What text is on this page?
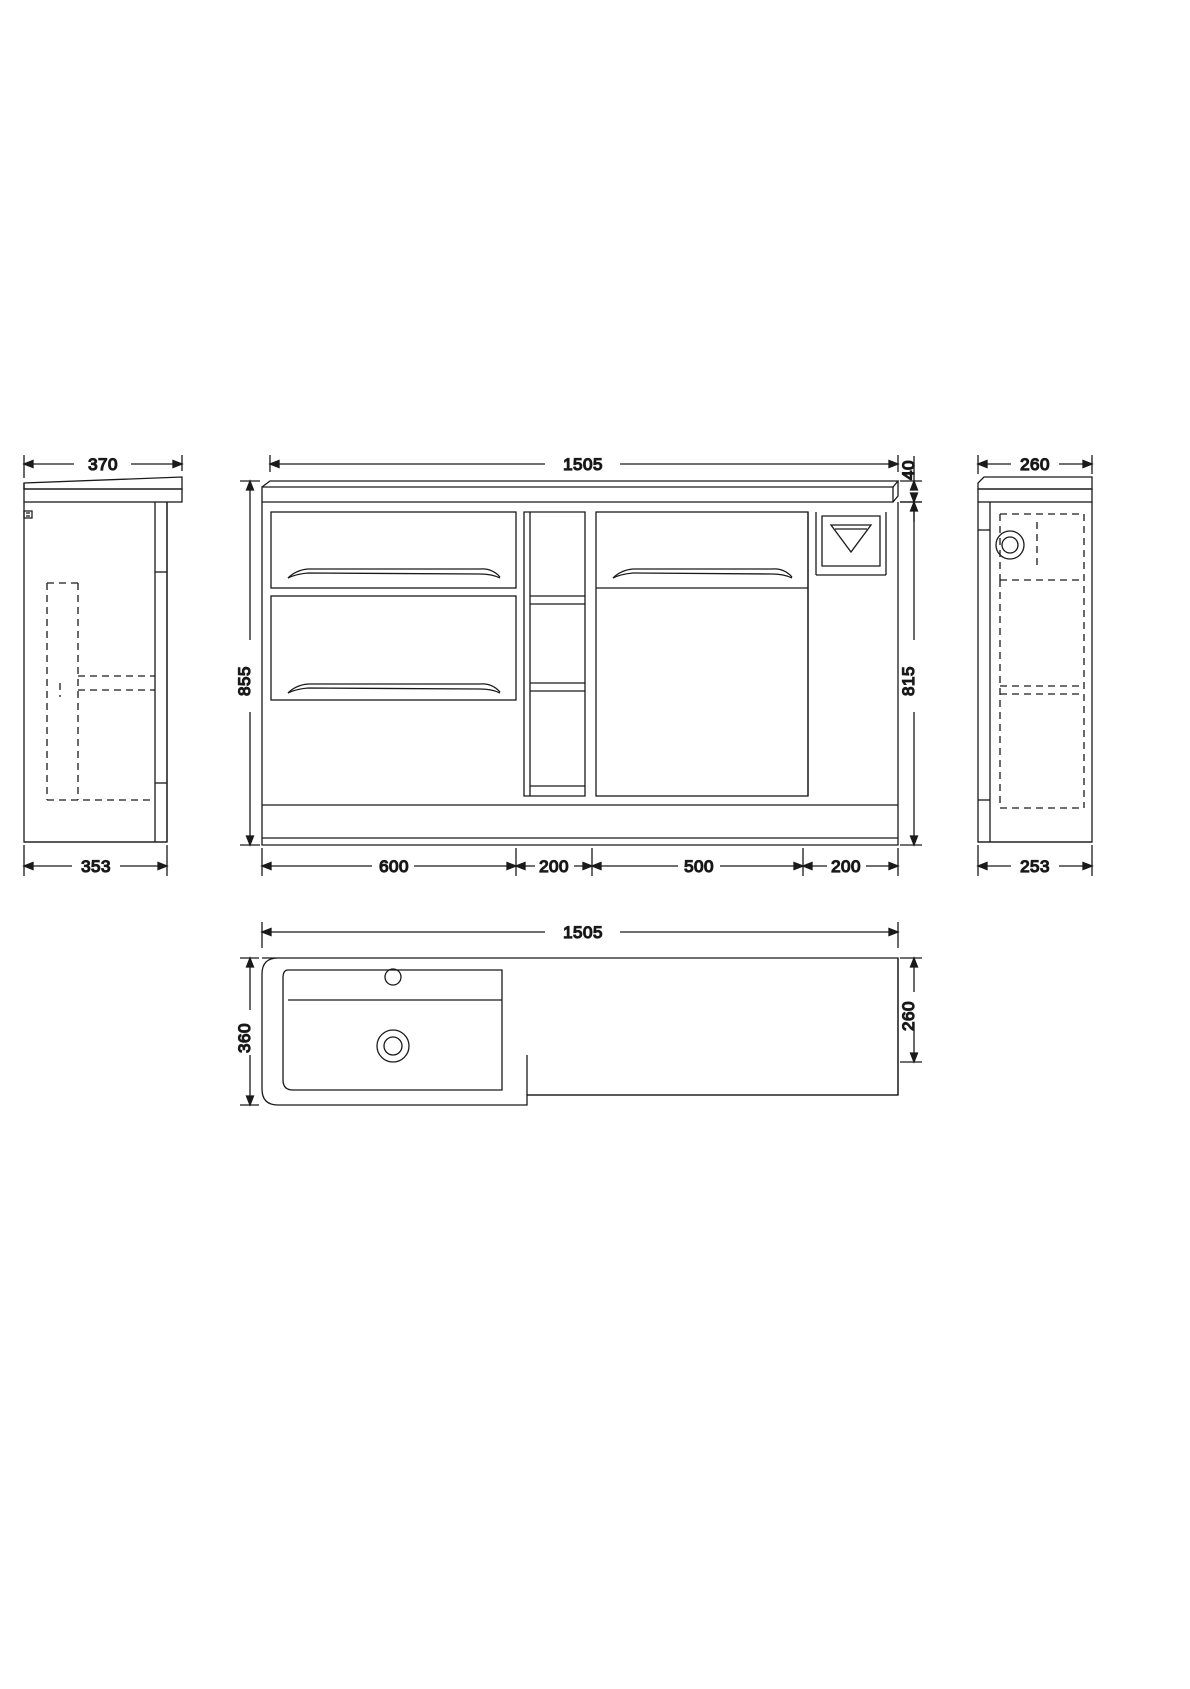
370
353
1505	40
815
855
600	200	500	200
260
253
1505
360
260
